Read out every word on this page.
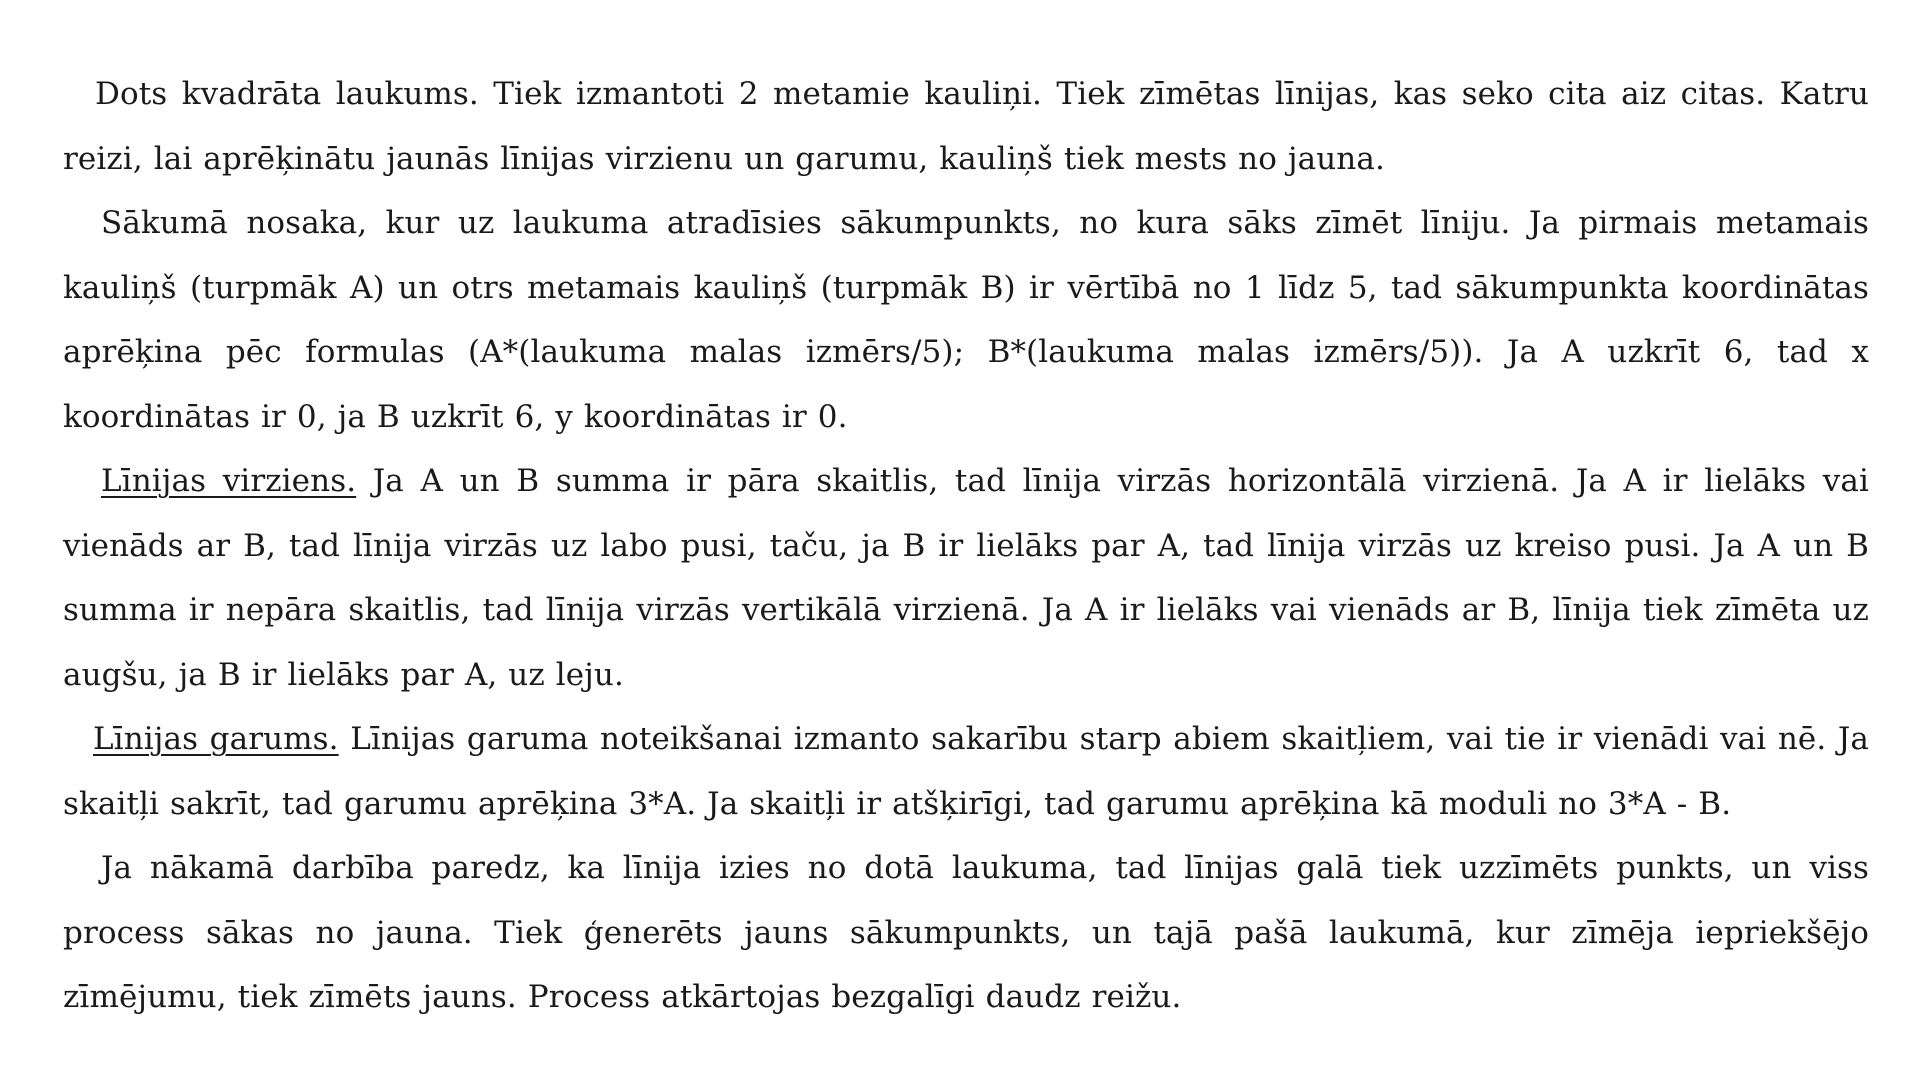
Dots kvadrāta laukums. Tiek izmantoti 2 metamie kauliņi. Tiek zīmētas līnijas, kas seko cita aiz citas. Katru reizi, lai aprēķinātu jaunās līnijas virzienu un garumu, kauliņš tiek mests no jauna.

Sākumā nosaka, kur uz laukuma atradīsies sākumpunkts, no kura sāks zīmēt līniju. Ja pirmais metamais kauliņš (turpmāk A) un otrs metamais kauliņš (turpmāk B) ir vērtībā no 1 līdz 5, tad sākumpunkta koordinātas aprēķina pēc formulas (A*(laukuma malas izmērs/5); B*(laukuma malas izmērs/5)). Ja A uzkrīt 6, tad x koordinātas ir 0, ja B uzkrīt 6, y koordinātas ir 0.

Līnijas virziens. Ja A un B summa ir pāra skaitlis, tad līnija virzās horizontālā virzienā. Ja A ir lielāks vai vienāds ar B, tad līnija virzās uz labo pusi, taču, ja B ir lielāks par A, tad līnija virzās uz kreiso pusi. Ja A un B summa ir nepāra skaitlis, tad līnija virzās vertikālā virzienā. Ja A ir lielāks vai vienāds ar B, līnija tiek zīmēta uz augšu, ja B ir lielāks par A, uz leju.

Līnijas garums. Līnijas garuma noteikšanai izmanto sakarību starp abiem skaitļiem, vai tie ir vienādi vai nē. Ja skaitļi sakrīt, tad garumu aprēķina 3*A. Ja skaitļi ir atšķirīgi, tad garumu aprēķina kā moduli no 3*A - B.

Ja nākamā darbība paredz, ka līnija izies no dotā laukuma, tad līnijas galā tiek uzzīmēts punkts, un viss process sākas no jauna. Tiek ģenerēts jauns sākumpunkts, un tajā pašā laukumā, kur zīmēja iepriekšējo zīmējumu, tiek zīmēts jauns. Process atkārtojas bezgalīgi daudz reižu.
